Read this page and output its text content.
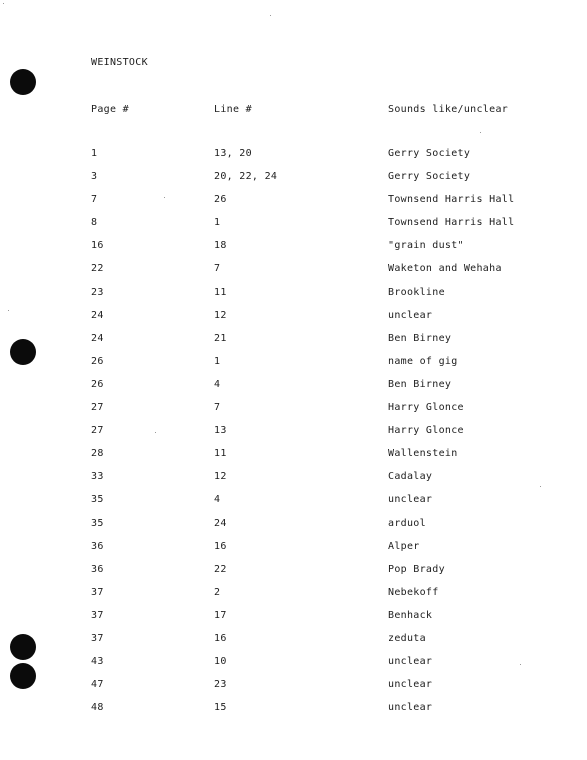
WEINSTOCK
Page #	Line #	Sounds like/unclear
1	13, 20	Gerry Society
3	20, 22, 24	Gerry Society
7	26	Townsend Harris Hall
8	1	Townsend Harris Hall
16	18	"grain dust"
22	7	Waketon and Wehaha
23	11	Brookline
24	12	unclear
24	21	Ben Birney
26	1	name of gig
26	4	Ben Birney
27	7	Harry Glonce
27	13	Harry Glonce
28	11	Wallenstein
33	12	Cadalay
35	4	unclear
35	24	arduol
36	16	Alper
36	22	Pop Brady
37	2	Nebekoff
37	17	Benhack
37	16	zeduta
43	10	unclear
47	23	unclear
48	15	unclear
